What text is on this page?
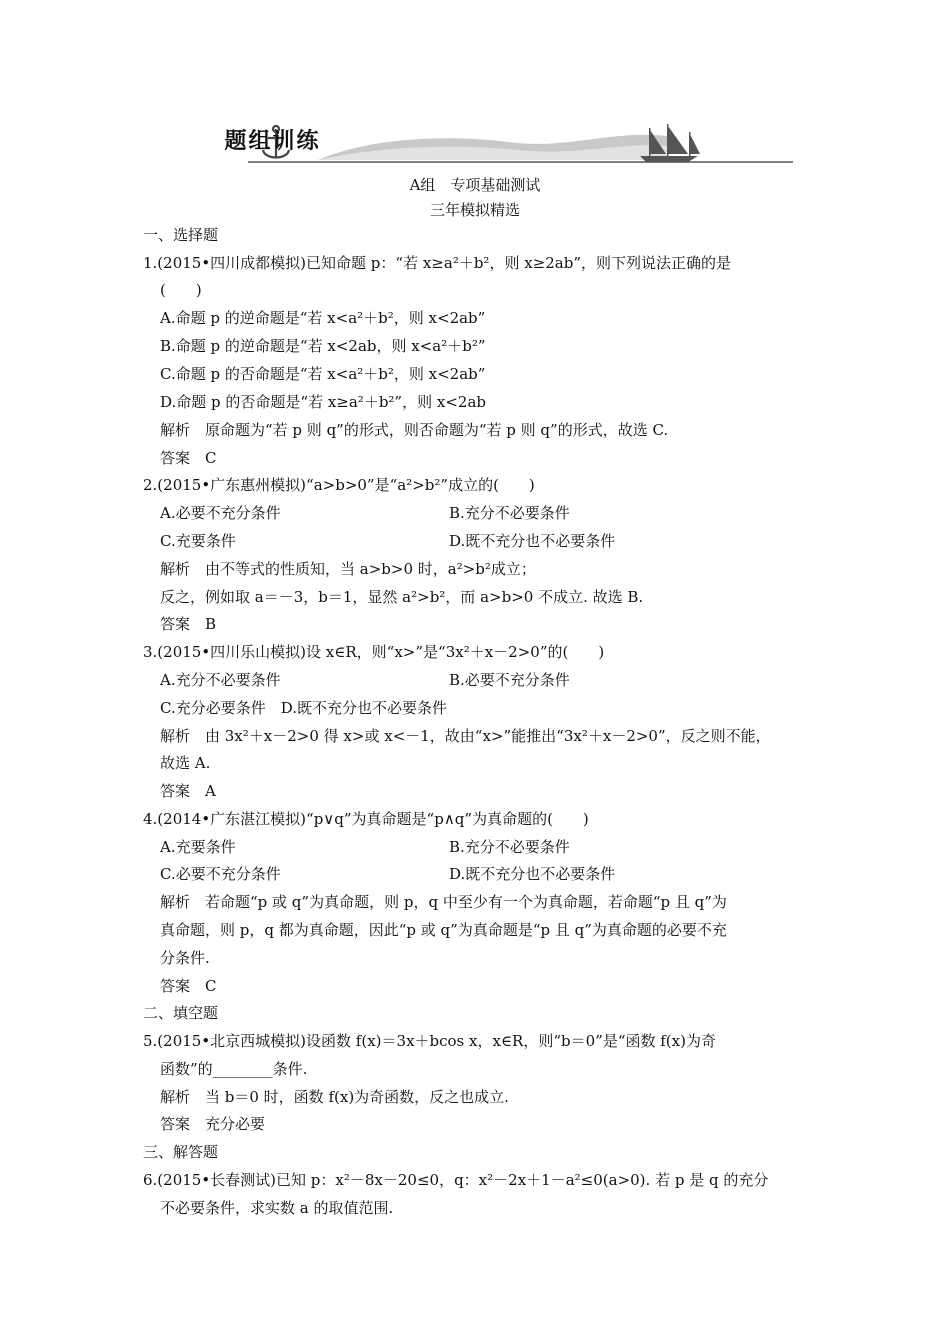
题组训练
A组　专项基础测试
三年模拟精选
一、选择题
1.(2015•四川成都模拟)已知命题 p：“若 x≥a²＋b²，则 x≥2ab”，则下列说法正确的是
(　　)
A.命题 p 的逆命题是“若 x<a²＋b²，则 x<2ab”
B.命题 p 的逆命题是“若 x<2ab，则 x<a²＋b²”
C.命题 p 的否命题是“若 x<a²＋b²，则 x<2ab”
D.命题 p 的否命题是“若 x≥a²＋b²”，则 x<2ab
解析　原命题为“若 p 则 q”的形式，则否命题为“若 p 则 q”的形式，故选 C.
答案　C
2.(2015•广东惠州模拟)“a>b>0”是“a²>b²”成立的(　　)
A.必要不充分条件	B.充分不必要条件
C.充要条件	D.既不充分也不必要条件
解析　由不等式的性质知，当 a>b>0 时，a²>b²成立；
反之，例如取 a＝－3，b＝1，显然 a²>b²，而 a>b>0 不成立. 故选 B.
答案　B
3.(2015•四川乐山模拟)设 x∈R，则“x>”是“3x²＋x－2>0”的(　　)
A.充分不必要条件	B.必要不充分条件
C.充分必要条件　D.既不充分也不必要条件
解析　由 3x²＋x－2>0 得 x>或 x<－1，故由“x>”能推出“3x²＋x－2>0”，反之则不能，
故选 A.
答案　A
4.(2014•广东湛江模拟)“p∨q”为真命题是“p∧q”为真命题的(　　)
A.充要条件	B.充分不必要条件
C.必要不充分条件	D.既不充分也不必要条件
解析　若命题“p 或 q”为真命题，则 p，q 中至少有一个为真命题，若命题“p 且 q”为
真命题，则 p，q 都为真命题，因此“p 或 q”为真命题是“p 且 q”为真命题的必要不充
分条件.
答案　C
二、填空题
5.(2015•北京西城模拟)设函数 f(x)＝3x＋bcos x，x∈R，则“b＝0”是“函数 f(x)为奇
函数”的________条件.
解析　当 b＝0 时，函数 f(x)为奇函数，反之也成立.
答案　充分必要
三、解答题
6.(2015•长春测试)已知 p：x²－8x－20≤0，q：x²－2x＋1－a²≤0(a>0). 若 p 是 q 的充分
不必要条件，求实数 a 的取值范围.
